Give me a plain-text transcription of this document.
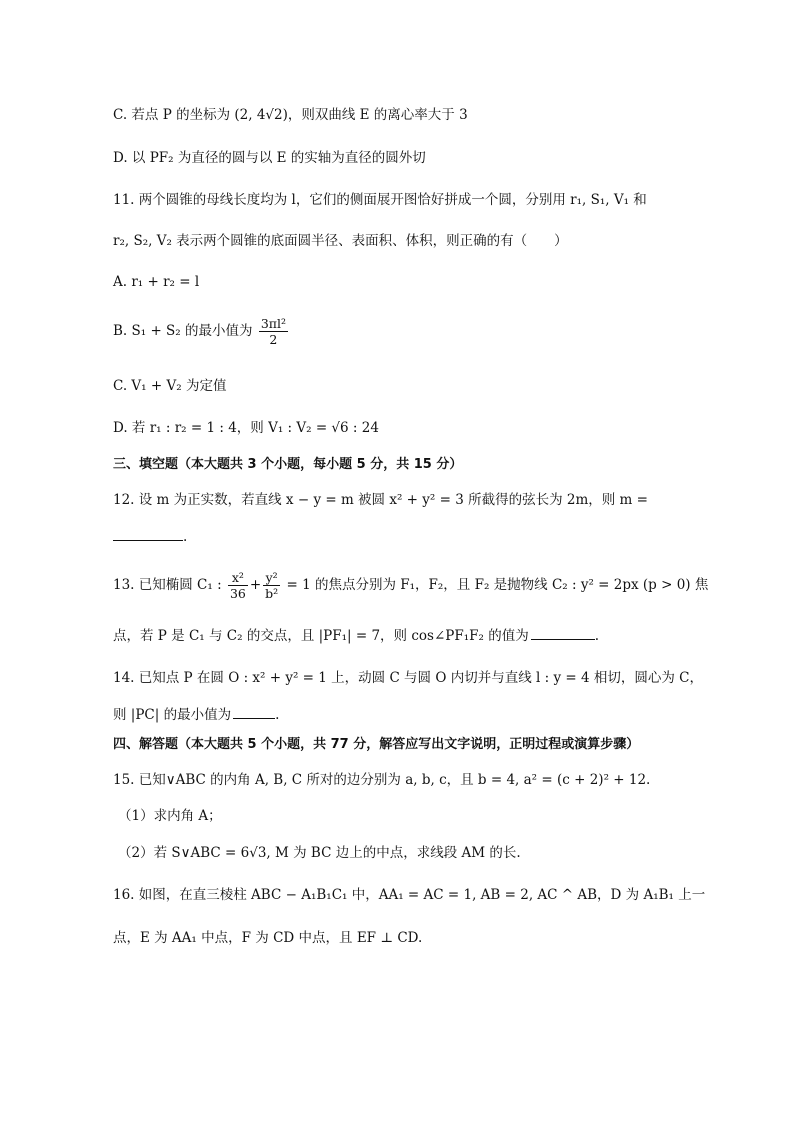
C. 若点 P 的坐标为 (2, 4√2)，则双曲线 E 的离心率大于 3
D. 以 PF₂ 为直径的圆与以 E 的实轴为直径的圆外切
11. 两个圆锥的母线长度均为 l，它们的侧面展开图恰好拼成一个圆，分别用 r₁, S₁, V₁ 和
r₂, S₂, V₂ 表示两个圆锥的底面圆半径、表面积、体积，则正确的有（　　）
A. r₁ + r₂ = l
B. S₁ + S₂ 的最小值为 $\frac{\text{3πl²}}{2}$
C. V₁ + V₂ 为定值
D. 若 r₁ : r₂ = 1 : 4，则 V₁ : V₂ = √6 : 24
三、填空题（本大题共 3 个小题，每小题 5 分，共 15 分）
12. 设 m 为正实数，若直线 x − y = m 被圆 x² + y² = 3 所截得的弦长为 2m，则 m =
.
13. 已知椭圆 C₁ : $\frac{\text{x²}}{36} + \frac{\text{y²}}{\text{b²}} = 1$ 的焦点分别为 F₁，F₂，且 F₂ 是抛物线 C₂ : y² = 2px (p > 0) 焦
点，若 P 是 C₁ 与 C₂ 的交点，且 |PF₁| = 7，则 cos∠PF₁F₂ 的值为	.
14. 已知点 P 在圆 O : x² + y² = 1 上，动圆 C 与圆 O 内切并与直线 l : y = 4 相切，圆心为 C，
则 |PC| 的最小值为	.
四、解答题（本大题共 5 个小题，共 77 分，解答应写出文字说明，正明过程或演算步骤）
15. 已知∨ABC 的内角 A, B, C 所对的边分别为 a, b, c，且 b = 4, a² = (c + 2)² + 12.
（1）求内角 A；
（2）若 S∨ABC = 6√3, M 为 BC 边上的中点，求线段 AM 的长.
16. 如图，在直三棱柱 ABC − A₁B₁C₁ 中，AA₁ = AC = 1, AB = 2, AC ^ AB，D 为 A₁B₁ 上一
点，E 为 AA₁ 中点，F 为 CD 中点，且 EF ⊥ CD.
